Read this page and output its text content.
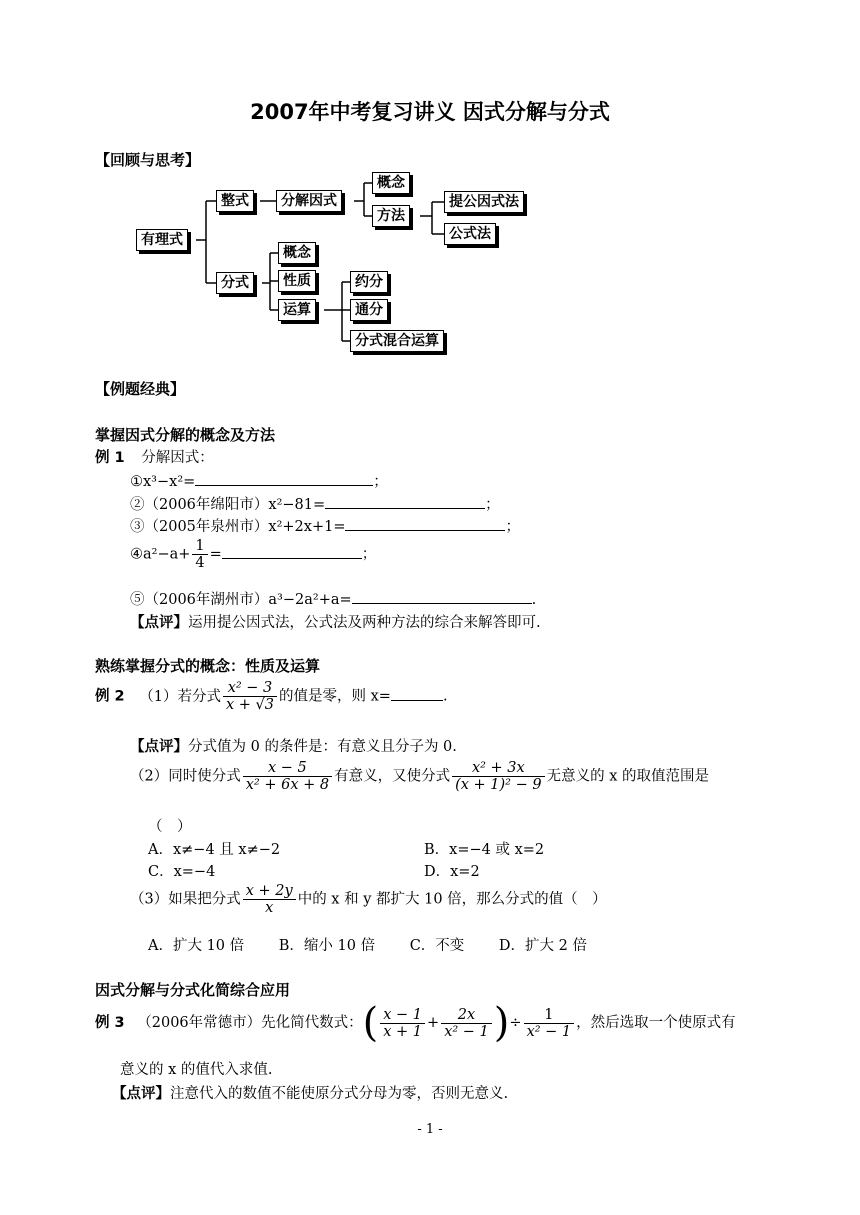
2007年中考复习讲义 因式分解与分式
【回顾与思考】
有理式
整式	分解因式
概念
方法
提公因式法
公式法
分式
概念
性质
运算
约分
通分
分式混合运算
【例题经典】
掌握因式分解的概念及方法
例 1 分解因式：
①x³−x²=	；
②（2006年绵阳市）x²−81=	；
③（2005年泉州市）x²+2x+1=	；
④a²−a+ $\frac{1}{4}$ =	；
⑤（2006年湖州市）a³−2a²+a=	.
【点评】运用提公因式法，公式法及两种方法的综合来解答即可.
熟练掌握分式的概念：性质及运算
例 2 （1）若分式 $\frac{\text{x² − 3}}{x + √3}$ 的值是零，则 x=	.
【点评】分式值为 0 的条件是：有意义且分子为 0.
（2）同时使分式 $\frac{x - 5}{\text{x² + 6x + 8}}$ 有意义，又使分式 $\frac{\text{x² + 3x}}{\text{(x + 1)² − 9}}$ 无意义的 x 的取值范围是
（　）
A．x≠−4 且 x≠−2	B．x=−4 或 x=2
C．x=−4	D．x=2
（3）如果把分式 $\frac{x + 2y}{x}$ 中的 x 和 y 都扩大 10 倍，那么分式的值（　）
A．扩大 10 倍 B．缩小 10 倍 C．不变 D．扩大 2 倍
因式分解与分式化简综合应用
例 3 （2006年常德市）先化简代数式：( $\frac{x - 1}{x + 1} + \frac{2x}{\text{x² − 1}}$ )÷ $\frac{1}{\text{x² − 1}}$ ，然后选取一个使原式有
意义的 x 的值代入求值.
【点评】注意代入的数值不能使原分式分母为零，否则无意义.
- 1 -
